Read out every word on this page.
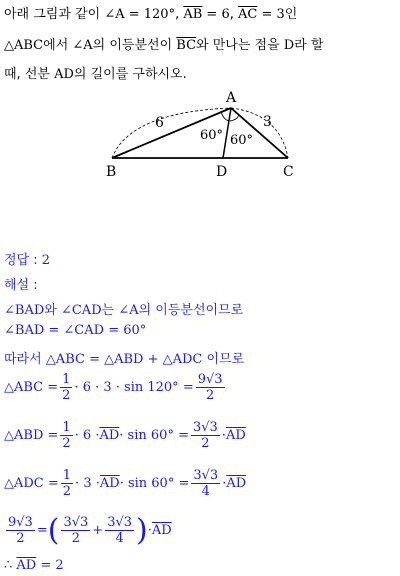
아래 그림과 같이 ∠A = 120°, $\overline{AB} = 6$, $\overline{AC} = 3$인
△ABC에서 ∠A의 이등분선이 $\overline{BC}$와 만나는 점을 D라 할
때, 선분 AD의 길이를 구하시오.
A
B	C
D
6	3
60° 60°
정답 : 2
해설 :
∠BAD와 ∠CAD는 ∠A의 이등분선이므로
∠BAD = ∠CAD = 60°
따라서 △ABC = △ABD + △ADC 이므로
△ABC = $\frac{1}{2} \cdot 6 \cdot 3 \cdot \sin 120^\circ = \frac{9√3}{2}$
△ABD = $\frac{1}{2} \cdot 6 \cdot \overline{AD} \cdot \sin 60^\circ = \frac{3√3}{2} \cdot \overline{AD}$
△ADC = $\frac{1}{2} \cdot 3 \cdot \overline{AD} \cdot \sin 60^\circ = \frac{3√3}{4} \cdot \overline{AD}$
$\frac{9√3}{2}$ = ( $\frac{3√3}{2} + \frac{3√3}{4}$ ) · $\overline{AD}$
∴ $\overline{AD} = 2$
